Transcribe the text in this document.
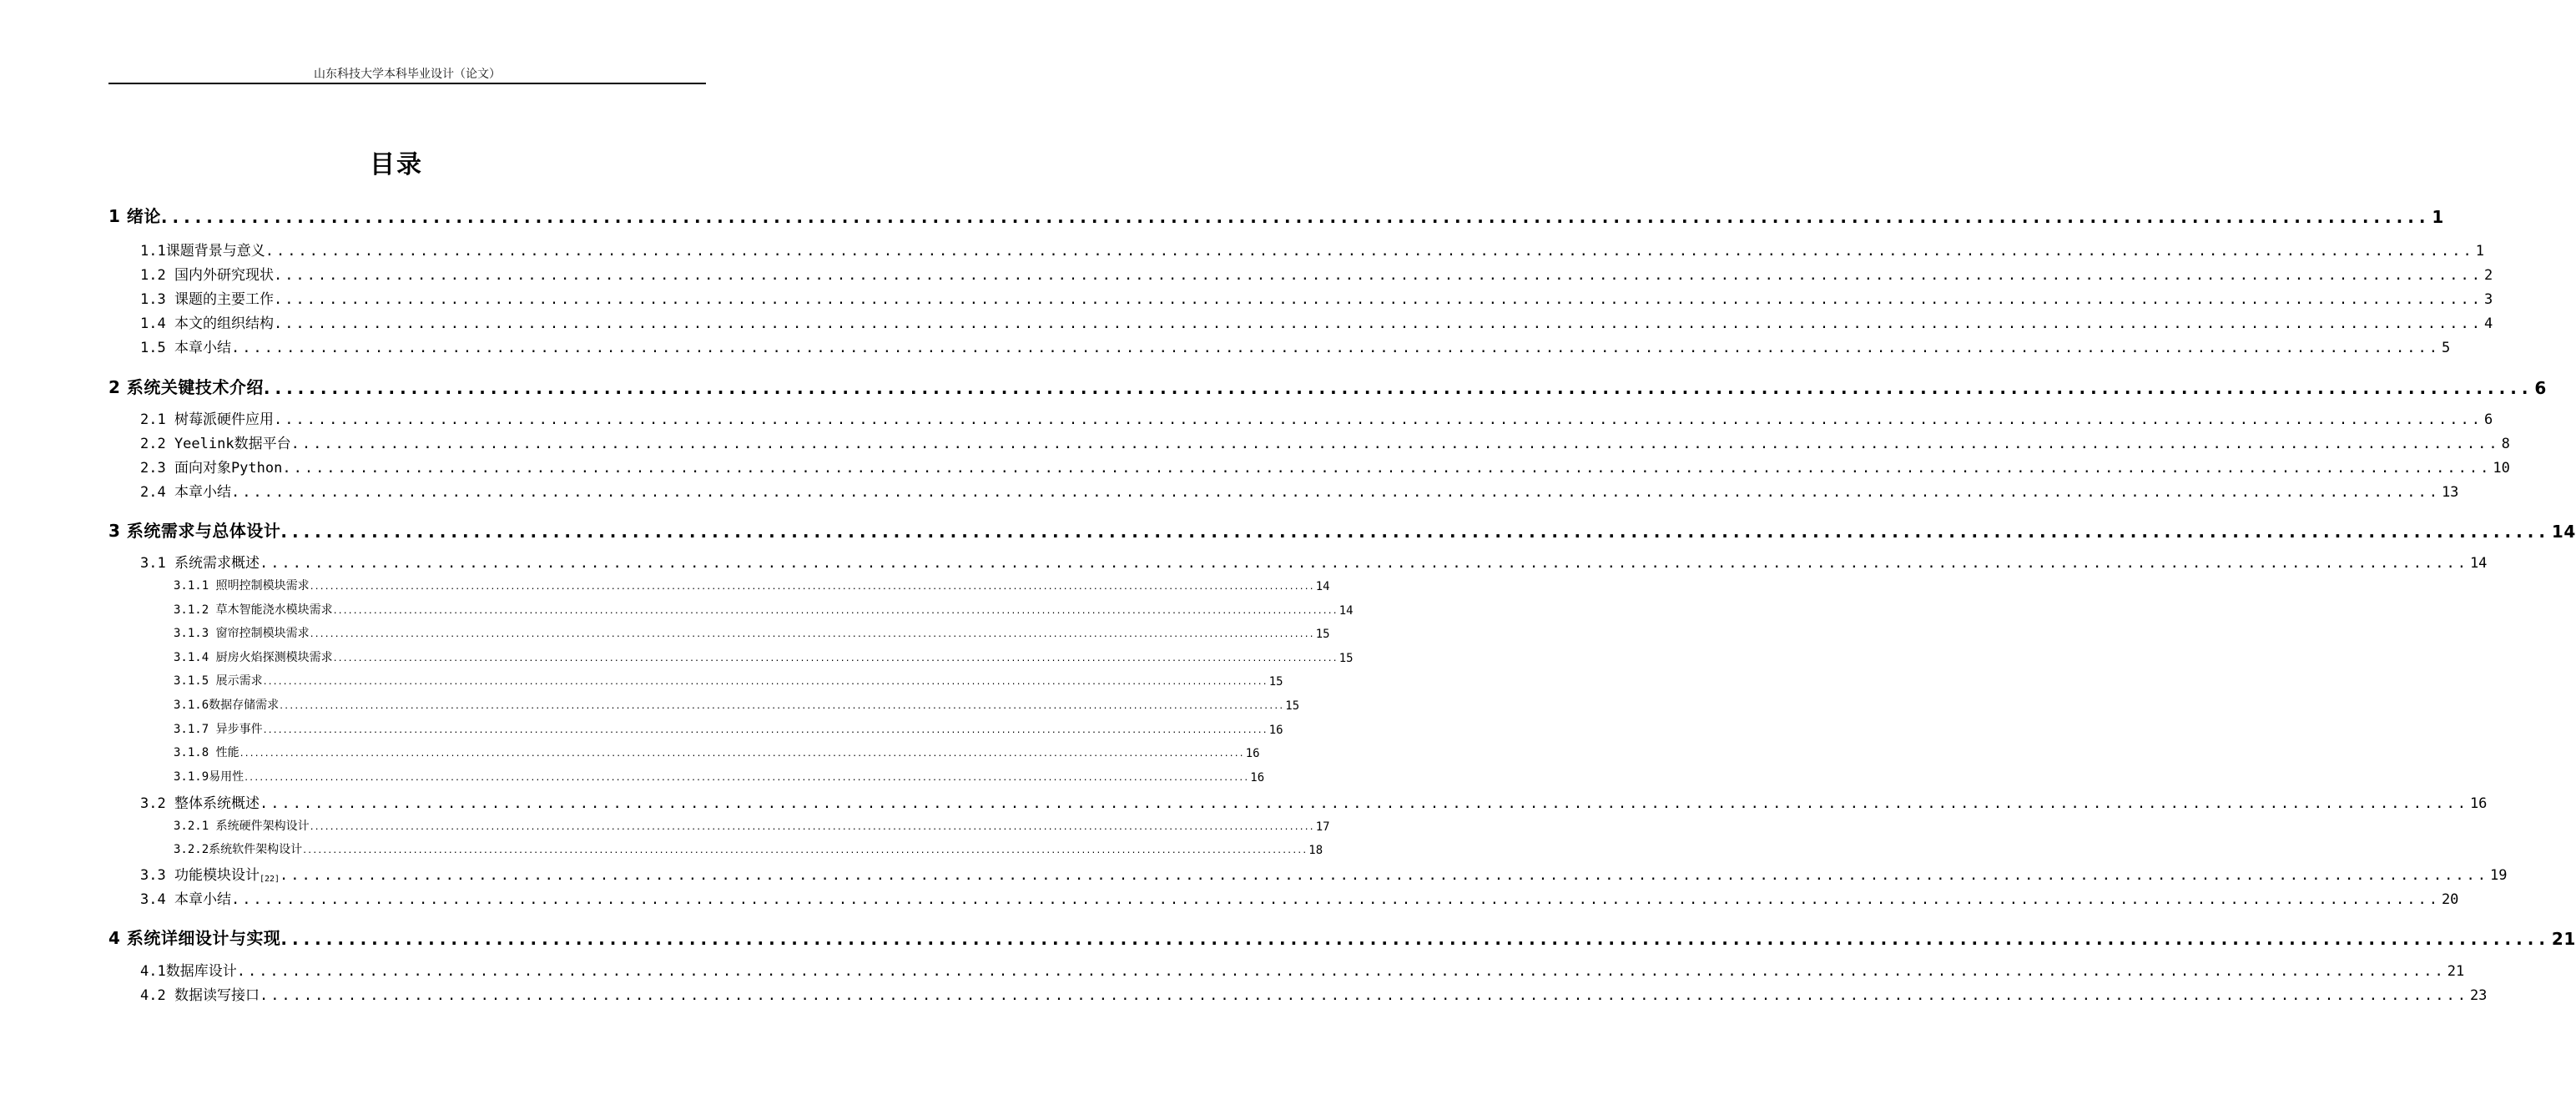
山东科技大学本科毕业设计（论文）
目录
1 绪论 ........................................................................................................................................................................................................ 1
1.1课题背景与意义 ........................................................................................................................................................................................................ 1
1.2 国内外研究现状 ........................................................................................................................................................................................................ 2
1.3 课题的主要工作 ........................................................................................................................................................................................................ 3
1.4 本文的组织结构 ........................................................................................................................................................................................................ 4
1.5 本章小结 ........................................................................................................................................................................................................ 5
2 系统关键技术介绍 ........................................................................................................................................................................................................ 6
2.1 树莓派硬件应用 ........................................................................................................................................................................................................ 6
2.2 Yeelink数据平台 ........................................................................................................................................................................................................ 8
2.3 面向对象Python ........................................................................................................................................................................................................ 10
2.4 本章小结 ........................................................................................................................................................................................................ 13
3 系统需求与总体设计 ........................................................................................................................................................................................................ 14
3.1 系统需求概述 ........................................................................................................................................................................................................ 14
3.1.1 照明控制模块需求 ........................................................................................................................................................................................................ 14
3.1.2 草木智能浇水模块需求 ........................................................................................................................................................................................................ 14
3.1.3 窗帘控制模块需求 ........................................................................................................................................................................................................ 15
3.1.4 厨房火焰探测模块需求 ........................................................................................................................................................................................................ 15
3.1.5 展示需求 ........................................................................................................................................................................................................ 15
3.1.6数据存储需求 ........................................................................................................................................................................................................ 15
3.1.7 异步事件 ........................................................................................................................................................................................................ 16
3.1.8 性能 ........................................................................................................................................................................................................ 16
3.1.9易用性 ........................................................................................................................................................................................................ 16
3.2 整体系统概述 ........................................................................................................................................................................................................ 16
3.2.1 系统硬件架构设计 ........................................................................................................................................................................................................ 17
3.2.2系统软件架构设计 ........................................................................................................................................................................................................ 18
3.3 功能模块设计$_{[22]}$ ........................................................................................................................................................................................................ 19
3.4 本章小结 ........................................................................................................................................................................................................ 20
4 系统详细设计与实现 ........................................................................................................................................................................................................ 21
4.1数据库设计 ........................................................................................................................................................................................................ 21
4.2 数据读写接口 ........................................................................................................................................................................................................ 23
